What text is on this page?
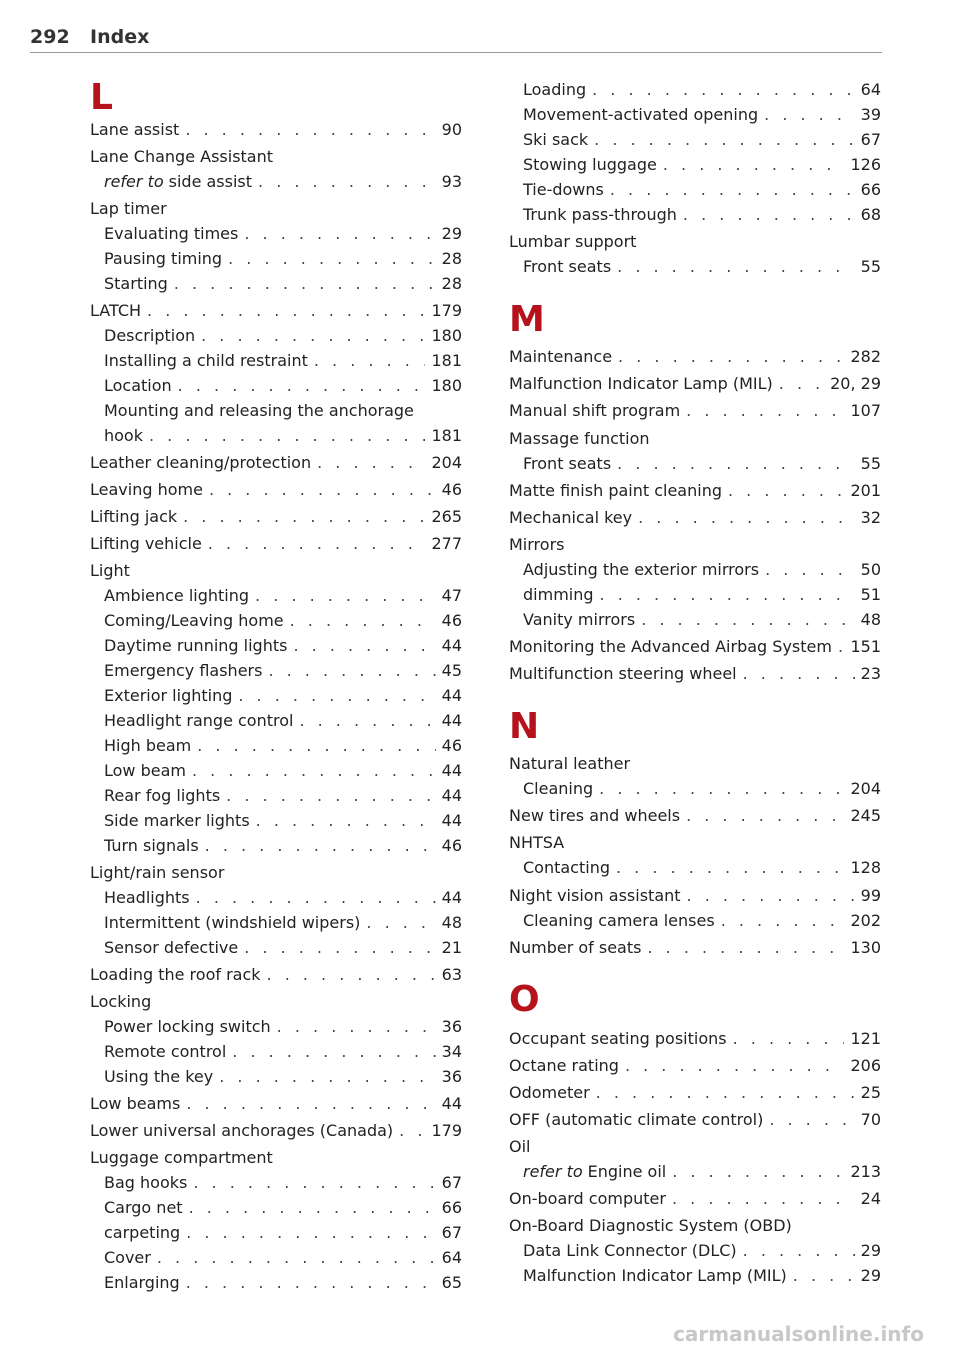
292 Index
L
Lane assist . . .	90
Lane Change Assistant
refer to side assist . . .	93
Lap timer
Evaluating times . . .	29
Pausing timing . . .	28
Starting . . .	28
LATCH . . .	179
Description . . .	180
Installing a child restraint . . .	181
Location . . .	180
Mounting and releasing the anchorage
hook . . .	181
Leather cleaning/protection . . .	204
Leaving home . . .	46
Lifting jack . . .	265
Lifting vehicle . . .	277
Light
Ambience lighting . . .	47
Coming/Leaving home . . .	46
Daytime running lights . . .	44
Emergency flashers . . .	45
Exterior lighting . . .	44
Headlight range control . . .	44
High beam . . .	46
Low beam . . .	44
Rear fog lights . . .	44
Side marker lights . . .	44
Turn signals . . .	46
Light/rain sensor
Headlights . . .	44
Intermittent (windshield wipers) . . .	48
Sensor defective . . .	21
Loading the roof rack . . .	63
Locking
Power locking switch . . .	36
Remote control . . .	34
Using the key . . .	36
Low beams . . .	44
Lower universal anchorages (Canada) . . . 179
Luggage compartment
Bag hooks . . .	67
Cargo net . . .	66
carpeting . . .	67
Cover . . .	64
Enlarging . . .	65
Loading . . .	64
Movement-activated opening . . .	39
Ski sack . . .	67
Stowing luggage . . .	126
Tie-downs . . .	66
Trunk pass-through . . .	68
Lumbar support
Front seats . . .	55
M
Maintenance . . .	282
Malfunction Indicator Lamp (MIL) . . .	20, 29
Manual shift program . . .	107
Massage function
Front seats . . .	55
Matte finish paint cleaning . . .	201
Mechanical key . . .	32
Mirrors
Adjusting the exterior mirrors . . .	50
dimming . . .	51
Vanity mirrors . . .	48
Monitoring the Advanced Airbag System . . . 151
Multifunction steering wheel . . .	23
N
Natural leather
Cleaning . . .	204
New tires and wheels . . .	245
NHTSA
Contacting . . .	128
Night vision assistant . . .	99
Cleaning camera lenses . . .	202
Number of seats . . .	130
O
Occupant seating positions . . .	121
Octane rating . . .	206
Odometer . . .	25
OFF (automatic climate control) . . .	70
Oil
refer to Engine oil . . .	213
On-board computer . . .	24
On-Board Diagnostic System (OBD)
Data Link Connector (DLC) . . .	29
Malfunction Indicator Lamp (MIL) . . .	29
carmanualsonline.info
